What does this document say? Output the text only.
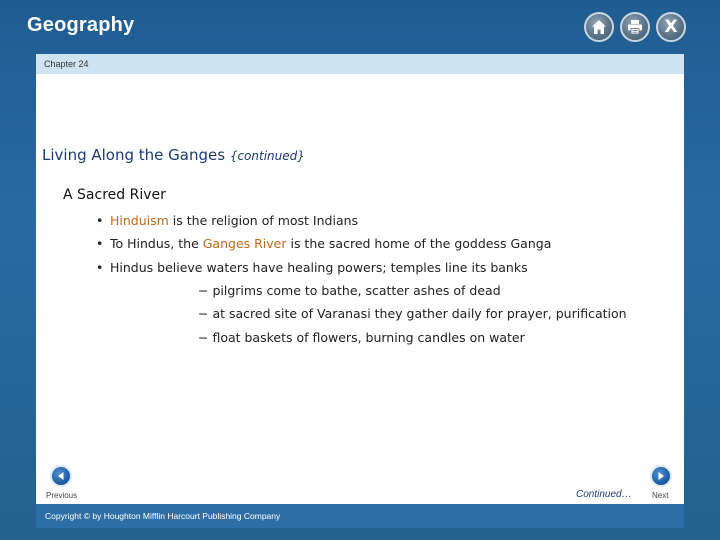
Geography	X
Chapter 24
Living Along the Ganges {continued}
A Sacred River
• Hinduism is the religion of most Indians
• To Hindus, the Ganges River is the sacred home of the goddess Ganga
• Hindus believe waters have healing powers; temples line its banks
− pilgrims come to bathe, scatter ashes of dead
− at sacred site of Varanasi they gather daily for prayer, purification
− float baskets of flowers, burning candles on water
Previous	Continued…	Next
Copyright © by Houghton Mifflin Harcourt Publishing Company
